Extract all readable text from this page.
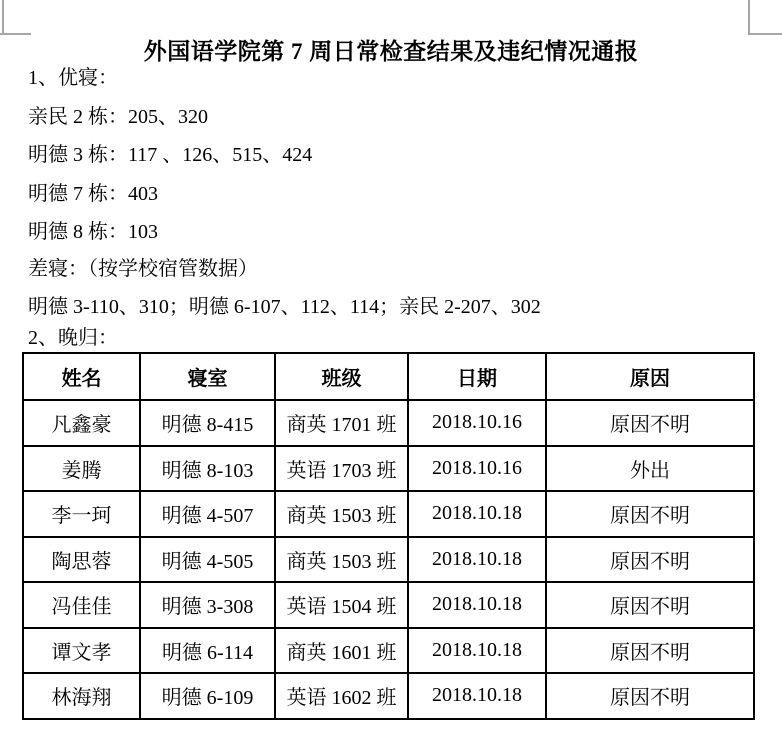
外国语学院第 7 周日常检查结果及违纪情况通报
1、优寝：
亲民 2 栋：205、320
明德 3 栋：117 、126、515、424
明德 7 栋：403
明德 8 栋：103
差寝：（按学校宿管数据）
明德 3-110、310；明德 6-107、112、114；亲民 2-207、302
2、晚归：
姓名	寝室	班级	日期	原因
凡鑫豪	明德 8-415	商英 1701 班	2018.10.16	原因不明
姜腾	明德 8-103	英语 1703 班	2018.10.16	外出
李一珂	明德 4-507	商英 1503 班	2018.10.18	原因不明
陶思蓉	明德 4-505	商英 1503 班	2018.10.18	原因不明
冯佳佳	明德 3-308	英语 1504 班	2018.10.18	原因不明
谭文孝	明德 6-114	商英 1601 班	2018.10.18	原因不明
林海翔	明德 6-109	英语 1602 班	2018.10.18	原因不明
